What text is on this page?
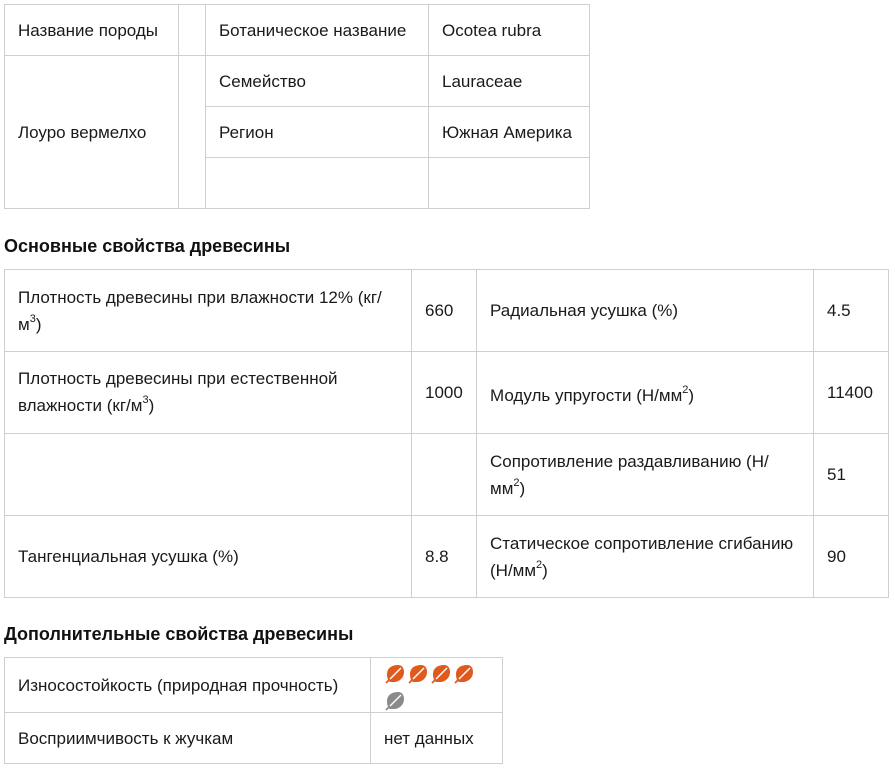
Название породы		Ботаническое название	Ocotea rubra
Лоуро вермелхо		Семейство	Lauraceae
		Регион	Южная Америка

Основные свойства древесины
Плотность древесины при влажности 12% $(кг/м^3)$	660	Радиальная усушка (%)	4.5
Плотность древесины при естественной влажности $(кг/м^3)$	1000	Модуль упругости $(Н/мм^2)$	11400
		Сопротивление раздавливанию $(Н/мм^2)$	51
Тангенциальная усушка (%)	8.8	Статическое сопротивление сгибанию $(Н/мм^2)$	90
Дополнительные свойства древесины
Износостойкость (природная прочность)	

Восприимчивость к жучкам	нет данных
